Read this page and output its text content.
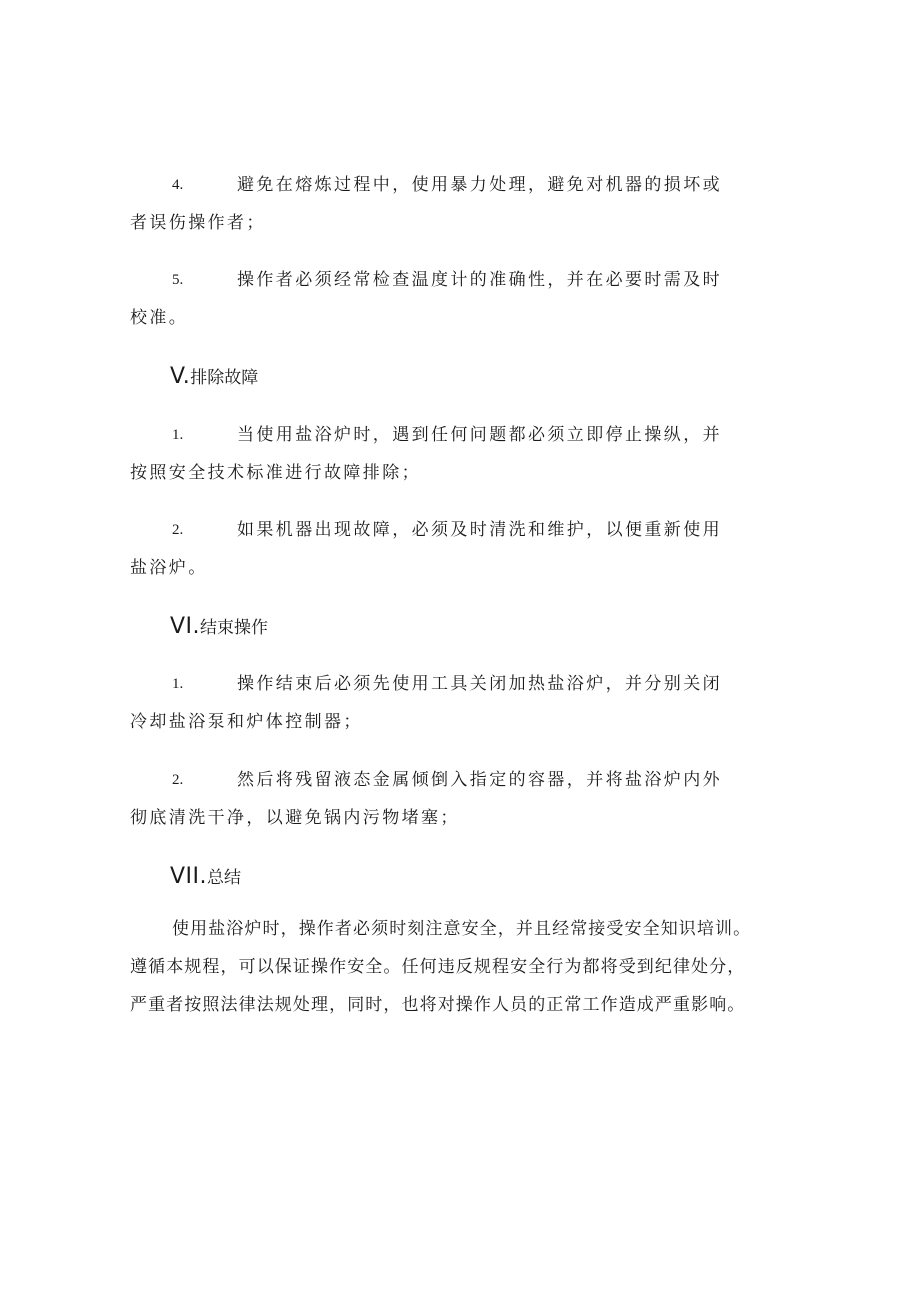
4.	避免在熔炼过程中，使用暴力处理，避免对机器的损坏或
者误伤操作者；
5.	操作者必须经常检查温度计的准确性，并在必要时需及时
校准。
V.排除故障
1.	当使用盐浴炉时，遇到任何问题都必须立即停止操纵，并
按照安全技术标准进行故障排除；
2.	如果机器出现故障，必须及时清洗和维护，以便重新使用
盐浴炉。
VI.结束操作
1.	操作结束后必须先使用工具关闭加热盐浴炉，并分别关闭
冷却盐浴泵和炉体控制器；
2.	然后将残留液态金属倾倒入指定的容器，并将盐浴炉内外
彻底清洗干净，以避免锅内污物堵塞；
VII.总结
使用盐浴炉时，操作者必须时刻注意安全，并且经常接受安全知识培训。
遵循本规程，可以保证操作安全。任何违反规程安全行为都将受到纪律处分，
严重者按照法律法规处理，同时，也将对操作人员的正常工作造成严重影响。
